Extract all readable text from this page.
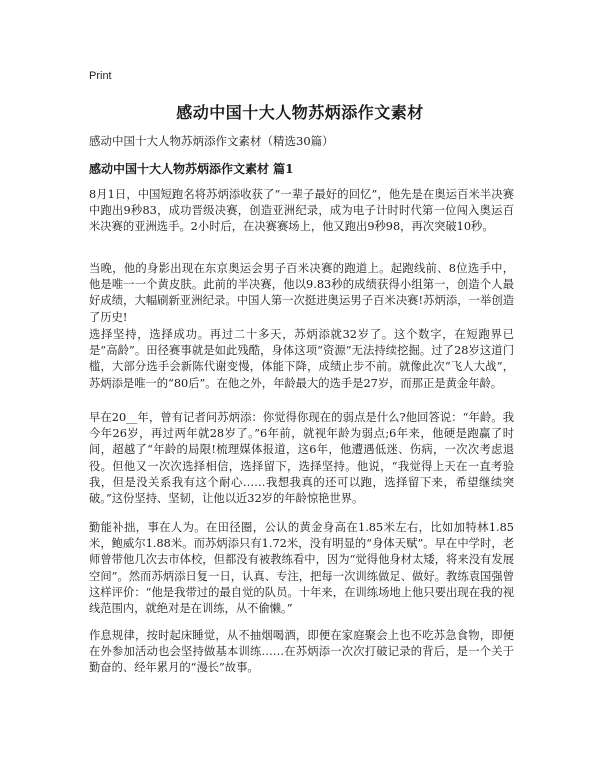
Print
感动中国十大人物苏炳添作文素材
感动中国十大人物苏炳添作文素材（精选30篇）
感动中国十大人物苏炳添作文素材 篇1

8月1日，中国短跑名将苏炳添收获了“一辈子最好的回忆”，他先是在奥运百米半决赛中跑出9秒83，成功晋级决赛，创造亚洲纪录，成为电子计时时代第一位闯入奥运百米决赛的亚洲选手。2小时后，在决赛赛场上，他又跑出9秒98，再次突破10秒。

当晚，他的身影出现在东京奥运会男子百米决赛的跑道上。起跑线前、8位选手中，他是唯一一个黄皮肤。此前的半决赛，他以9.83秒的成绩获得小组第一，创造个人最好成绩，大幅刷新亚洲纪录。中国人第一次挺进奥运男子百米决赛!苏炳添，一举创造了历史!

选择坚持，选择成功。再过二十多天，苏炳添就32岁了。这个数字，在短跑界已是“高龄”。田径赛事就是如此残酷，身体这项“资源”无法持续挖掘。过了28岁这道门槛，大部分选手会新陈代谢变慢，体能下降，成绩止步不前。就像此次“飞人大战”，苏炳添是唯一的“80后”。在他之外，年龄最大的选手是27岁，而那正是黄金年龄。

早在20__年，曾有记者问苏炳添：你觉得你现在的弱点是什么?他回答说：“年龄。我今年26岁，再过两年就28岁了。”6年前，就视年龄为弱点;6年来，他硬是跑赢了时间，超越了“年龄的局限!梳理媒体报道，这6年，他遭遇低迷、伤病，一次次考虑退役。但他又一次次选择相信，选择留下，选择坚持。他说，“我觉得上天在一直考验我，但是没关系我有这个耐心……我想我真的还可以跑，选择留下来，希望继续突破。”这份坚持、坚韧，让他以近32岁的年龄惊艳世界。

勤能补拙，事在人为。在田径圈，公认的黄金身高在1.85米左右，比如加特林1.85米，鲍威尔1.88米。而苏炳添只有1.72米，没有明显的“身体天赋”。早在中学时，老师曾带他几次去市体校，但都没有被教练看中，因为“觉得他身材太矮，将来没有发展空间”。然而苏炳添日复一日，认真、专注，把每一次训练做足、做好。教练袁国强曾这样评价：“他是我带过的最自觉的队员。十年来，在训练场地上他只要出现在我的视线范围内，就绝对是在训练，从不偷懒。”

作息规律，按时起床睡觉，从不抽烟喝酒，即便在家庭聚会上也不吃苏急食物，即便在外参加活动也会坚持做基本训练……在苏炳添一次次打破记录的背后，是一个关于勤奋的、经年累月的“漫长”故事。
